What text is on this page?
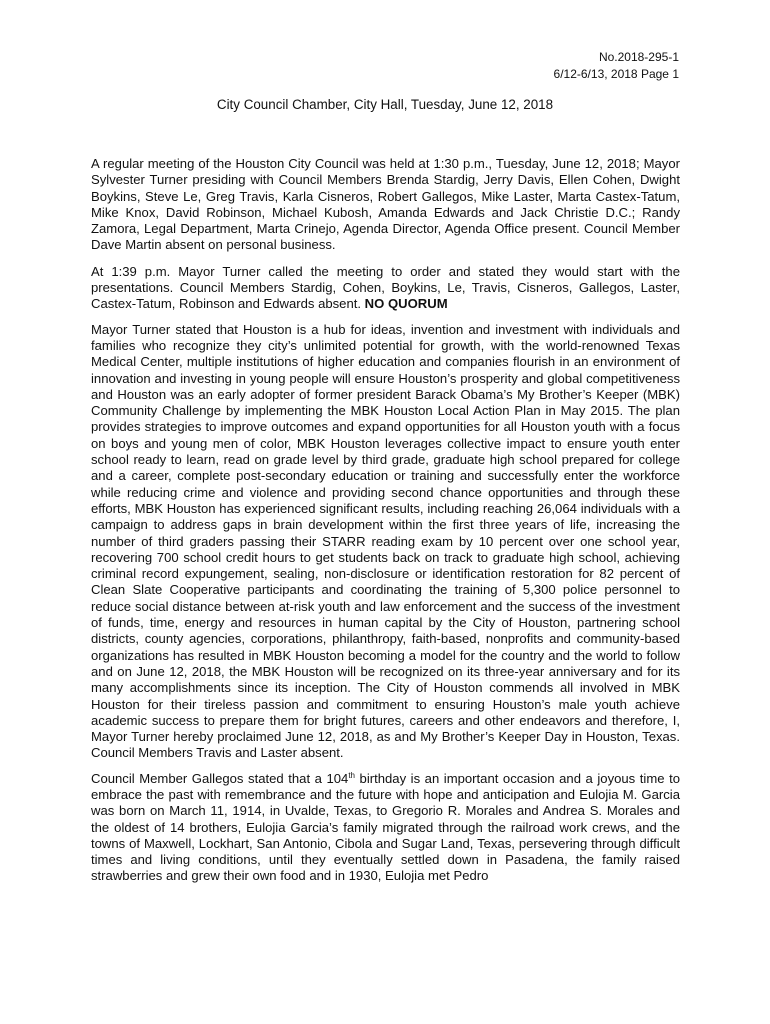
No.2018-295-1
6/12-6/13, 2018 Page 1
City Council Chamber, City Hall, Tuesday, June 12, 2018

A regular meeting of the Houston City Council was held at 1:30 p.m., Tuesday, June 12, 2018; Mayor Sylvester Turner presiding with Council Members Brenda Stardig, Jerry Davis, Ellen Cohen, Dwight Boykins, Steve Le, Greg Travis, Karla Cisneros, Robert Gallegos, Mike Laster, Marta Castex-Tatum, Mike Knox, David Robinson, Michael Kubosh, Amanda Edwards and Jack Christie D.C.; Randy Zamora, Legal Department, Marta Crinejo, Agenda Director, Agenda Office present. Council Member Dave Martin absent on personal business.

At 1:39 p.m. Mayor Turner called the meeting to order and stated they would start with the presentations. Council Members Stardig, Cohen, Boykins, Le, Travis, Cisneros, Gallegos, Laster, Castex-Tatum, Robinson and Edwards absent. NO QUORUM

Mayor Turner stated that Houston is a hub for ideas, invention and investment with individuals and families who recognize they city’s unlimited potential for growth, with the world-renowned Texas Medical Center, multiple institutions of higher education and companies flourish in an environment of innovation and investing in young people will ensure Houston’s prosperity and global competitiveness and Houston was an early adopter of former president Barack Obama’s My Brother’s Keeper (MBK) Community Challenge by implementing the MBK Houston Local Action Plan in May 2015. The plan provides strategies to improve outcomes and expand opportunities for all Houston youth with a focus on boys and young men of color, MBK Houston leverages collective impact to ensure youth enter school ready to learn, read on grade level by third grade, graduate high school prepared for college and a career, complete post-secondary education or training and successfully enter the workforce while reducing crime and violence and providing second chance opportunities and through these efforts, MBK Houston has experienced significant results, including reaching 26,064 individuals with a campaign to address gaps in brain development within the first three years of life, increasing the number of third graders passing their STARR reading exam by 10 percent over one school year, recovering 700 school credit hours to get students back on track to graduate high school, achieving criminal record expungement, sealing, non-disclosure or identification restoration for 82 percent of Clean Slate Cooperative participants and coordinating the training of 5,300 police personnel to reduce social distance between at-risk youth and law enforcement and the success of the investment of funds, time, energy and resources in human capital by the City of Houston, partnering school districts, county agencies, corporations, philanthropy, faith-based, nonprofits and community-based organizations has resulted in MBK Houston becoming a model for the country and the world to follow and on June 12, 2018, the MBK Houston will be recognized on its three-year anniversary and for its many accomplishments since its inception. The City of Houston commends all involved in MBK Houston for their tireless passion and commitment to ensuring Houston’s male youth achieve academic success to prepare them for bright futures, careers and other endeavors and therefore, I, Mayor Turner hereby proclaimed June 12, 2018, as and My Brother’s Keeper Day in Houston, Texas. Council Members Travis and Laster absent.

Council Member Gallegos stated that a 104th birthday is an important occasion and a joyous time to embrace the past with remembrance and the future with hope and anticipation and Eulojia M. Garcia was born on March 11, 1914, in Uvalde, Texas, to Gregorio R. Morales and Andrea S. Morales and the oldest of 14 brothers, Eulojia Garcia’s family migrated through the railroad work crews, and the towns of Maxwell, Lockhart, San Antonio, Cibola and Sugar Land, Texas, persevering through difficult times and living conditions, until they eventually settled down in Pasadena, the family raised strawberries and grew their own food and in 1930, Eulojia met Pedro
